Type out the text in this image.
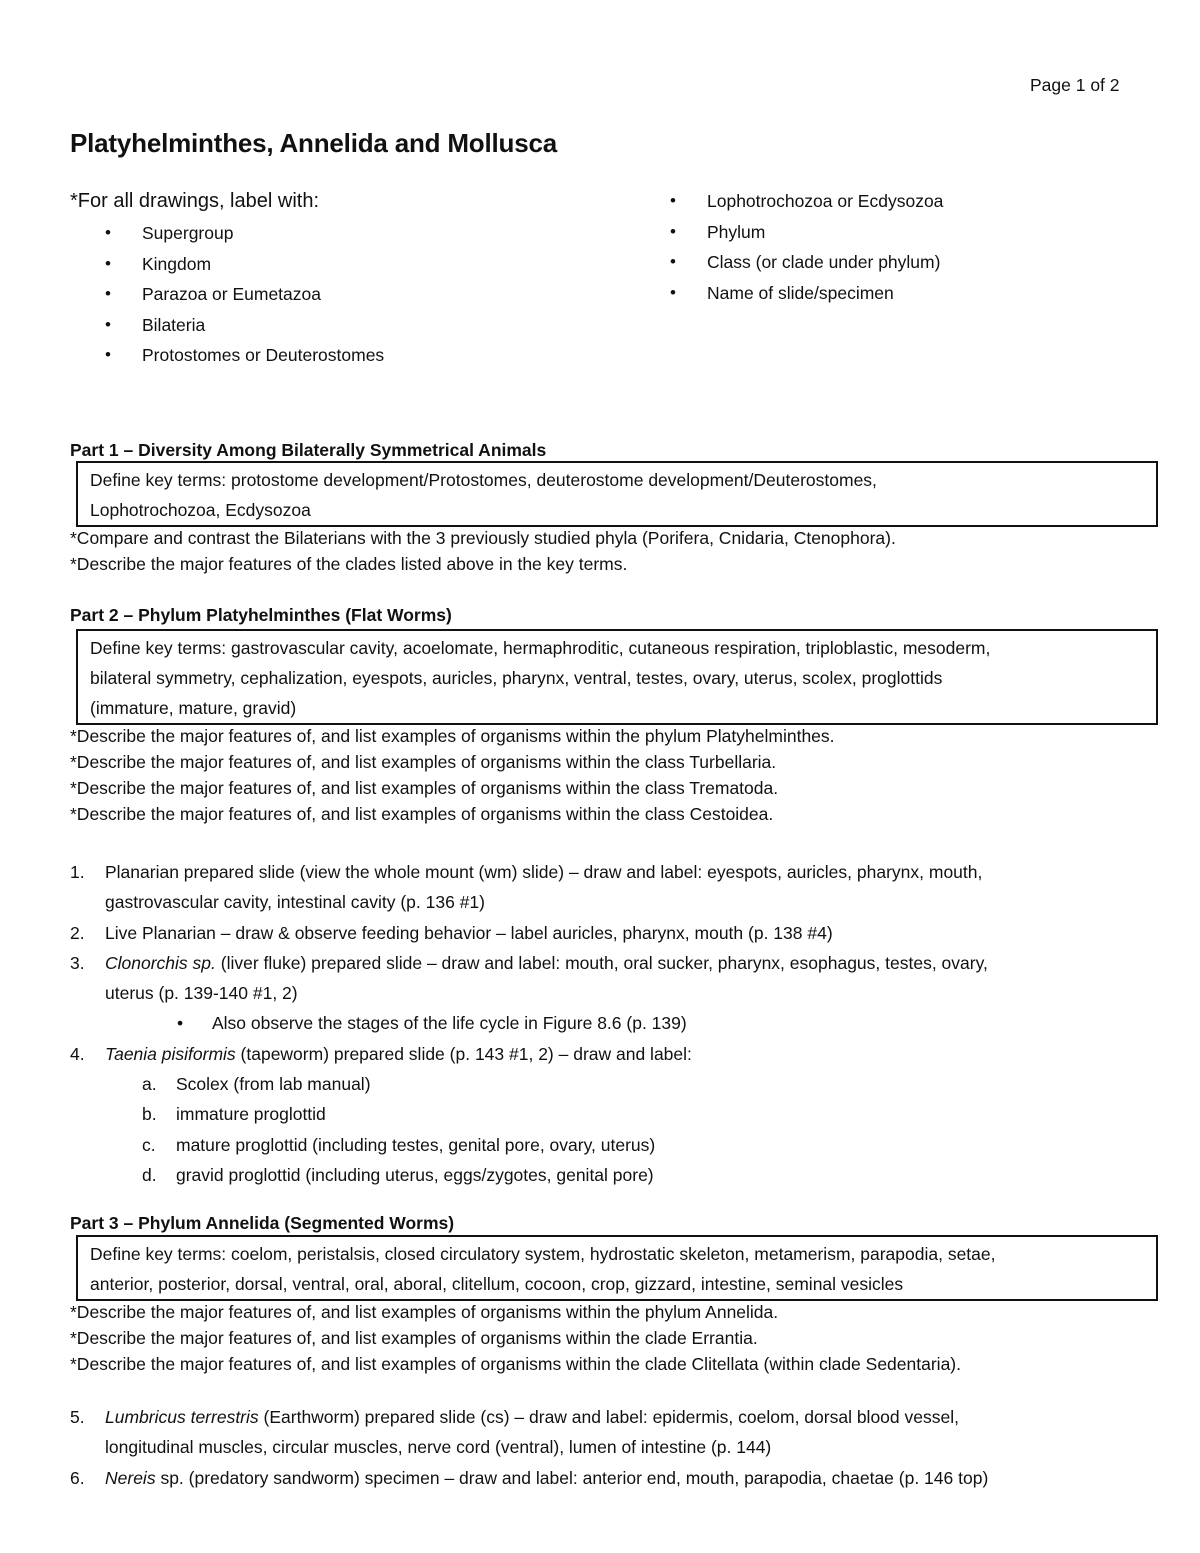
Page 1 of 2
Platyhelminthes, Annelida and Mollusca
*For all drawings, label with:
• Supergroup
• Kingdom
• Parazoa or Eumetazoa
• Bilateria
• Protostomes or Deuterostomes
• Lophotrochozoa or Ecdysozoa
• Phylum
• Class (or clade under phylum)
• Name of slide/specimen
Part 1 – Diversity Among Bilaterally Symmetrical Animals
Define key terms: protostome development/Protostomes, deuterostome development/Deuterostomes,
Lophotrochozoa, Ecdysozoa
*Compare and contrast the Bilaterians with the 3 previously studied phyla (Porifera, Cnidaria, Ctenophora).
*Describe the major features of the clades listed above in the key terms.
Part 2 – Phylum Platyhelminthes (Flat Worms)
Define key terms: gastrovascular cavity, acoelomate, hermaphroditic, cutaneous respiration, triploblastic, mesoderm,
bilateral symmetry, cephalization, eyespots, auricles, pharynx, ventral, testes, ovary, uterus, scolex, proglottids
(immature, mature, gravid)
*Describe the major features of, and list examples of organisms within the phylum Platyhelminthes.
*Describe the major features of, and list examples of organisms within the class Turbellaria.
*Describe the major features of, and list examples of organisms within the class Trematoda.
*Describe the major features of, and list examples of organisms within the class Cestoidea.
1.	Planarian prepared slide (view the whole mount (wm) slide) – draw and label: eyespots, auricles, pharynx, mouth,
gastrovascular cavity, intestinal cavity (p. 136 #1)
2.	Live Planarian – draw & observe feeding behavior – label auricles, pharynx, mouth (p. 138 #4)
3.	Clonorchis sp. (liver fluke) prepared slide – draw and label: mouth, oral sucker, pharynx, esophagus, testes, ovary,
uterus (p. 139-140 #1, 2)
• Also observe the stages of the life cycle in Figure 8.6 (p. 139)
4.	Taenia pisiformis (tapeworm) prepared slide (p. 143 #1, 2) – draw and label:
a.	Scolex (from lab manual)
b.	immature proglottid
c.	mature proglottid (including testes, genital pore, ovary, uterus)
d.	gravid proglottid (including uterus, eggs/zygotes, genital pore)
Part 3 – Phylum Annelida (Segmented Worms)
Define key terms: coelom, peristalsis, closed circulatory system, hydrostatic skeleton, metamerism, parapodia, setae,
anterior, posterior, dorsal, ventral, oral, aboral, clitellum, cocoon, crop, gizzard, intestine, seminal vesicles
*Describe the major features of, and list examples of organisms within the phylum Annelida.
*Describe the major features of, and list examples of organisms within the clade Errantia.
*Describe the major features of, and list examples of organisms within the clade Clitellata (within clade Sedentaria).
5.	Lumbricus terrestris (Earthworm) prepared slide (cs) – draw and label: epidermis, coelom, dorsal blood vessel,
longitudinal muscles, circular muscles, nerve cord (ventral), lumen of intestine (p. 144)
6.	Nereis sp. (predatory sandworm) specimen – draw and label: anterior end, mouth, parapodia, chaetae (p. 146 top)
